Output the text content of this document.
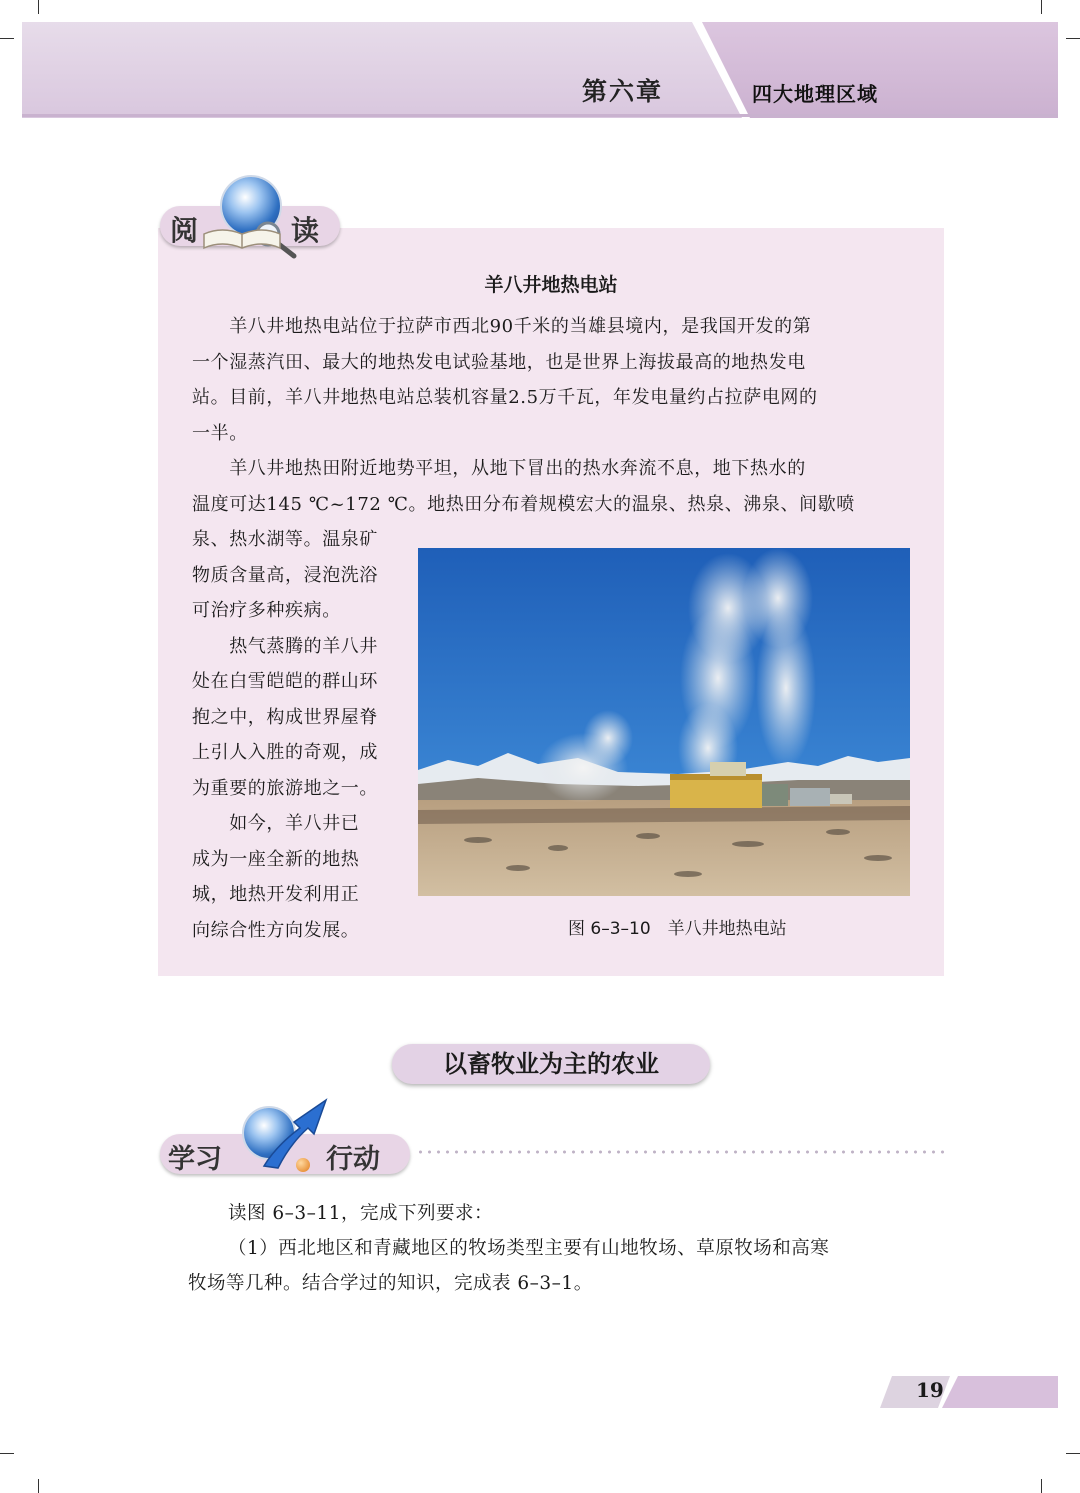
第六章	四大地理区域
阅	读
羊八井地热电站
　　羊八井地热电站位于拉萨市西北90千米的当雄县境内，是我国开发的第
一个湿蒸汽田、最大的地热发电试验基地，也是世界上海拔最高的地热发电
站。目前，羊八井地热电站总装机容量2.5万千瓦，年发电量约占拉萨电网的
一半。
　　羊八井地热田附近地势平坦，从地下冒出的热水奔流不息，地下热水的
温度可达145 ℃~172 ℃。地热田分布着规模宏大的温泉、热泉、沸泉、间歇喷
泉、热水湖等。温泉矿
物质含量高，浸泡洗浴
可治疗多种疾病。
　　热气蒸腾的羊八井
处在白雪皑皑的群山环
抱之中，构成世界屋脊
上引人入胜的奇观，成
为重要的旅游地之一。
　　如今，羊八井已
成为一座全新的地热
城，地热开发利用正
向综合性方向发展。	图 6–3–10　羊八井地热电站
以畜牧业为主的农业
学习	行动
读图 6–3–11，完成下列要求：
（1）西北地区和青藏地区的牧场类型主要有山地牧场、草原牧场和高寒
牧场等几种。结合学过的知识，完成表 6–3–1。
19
